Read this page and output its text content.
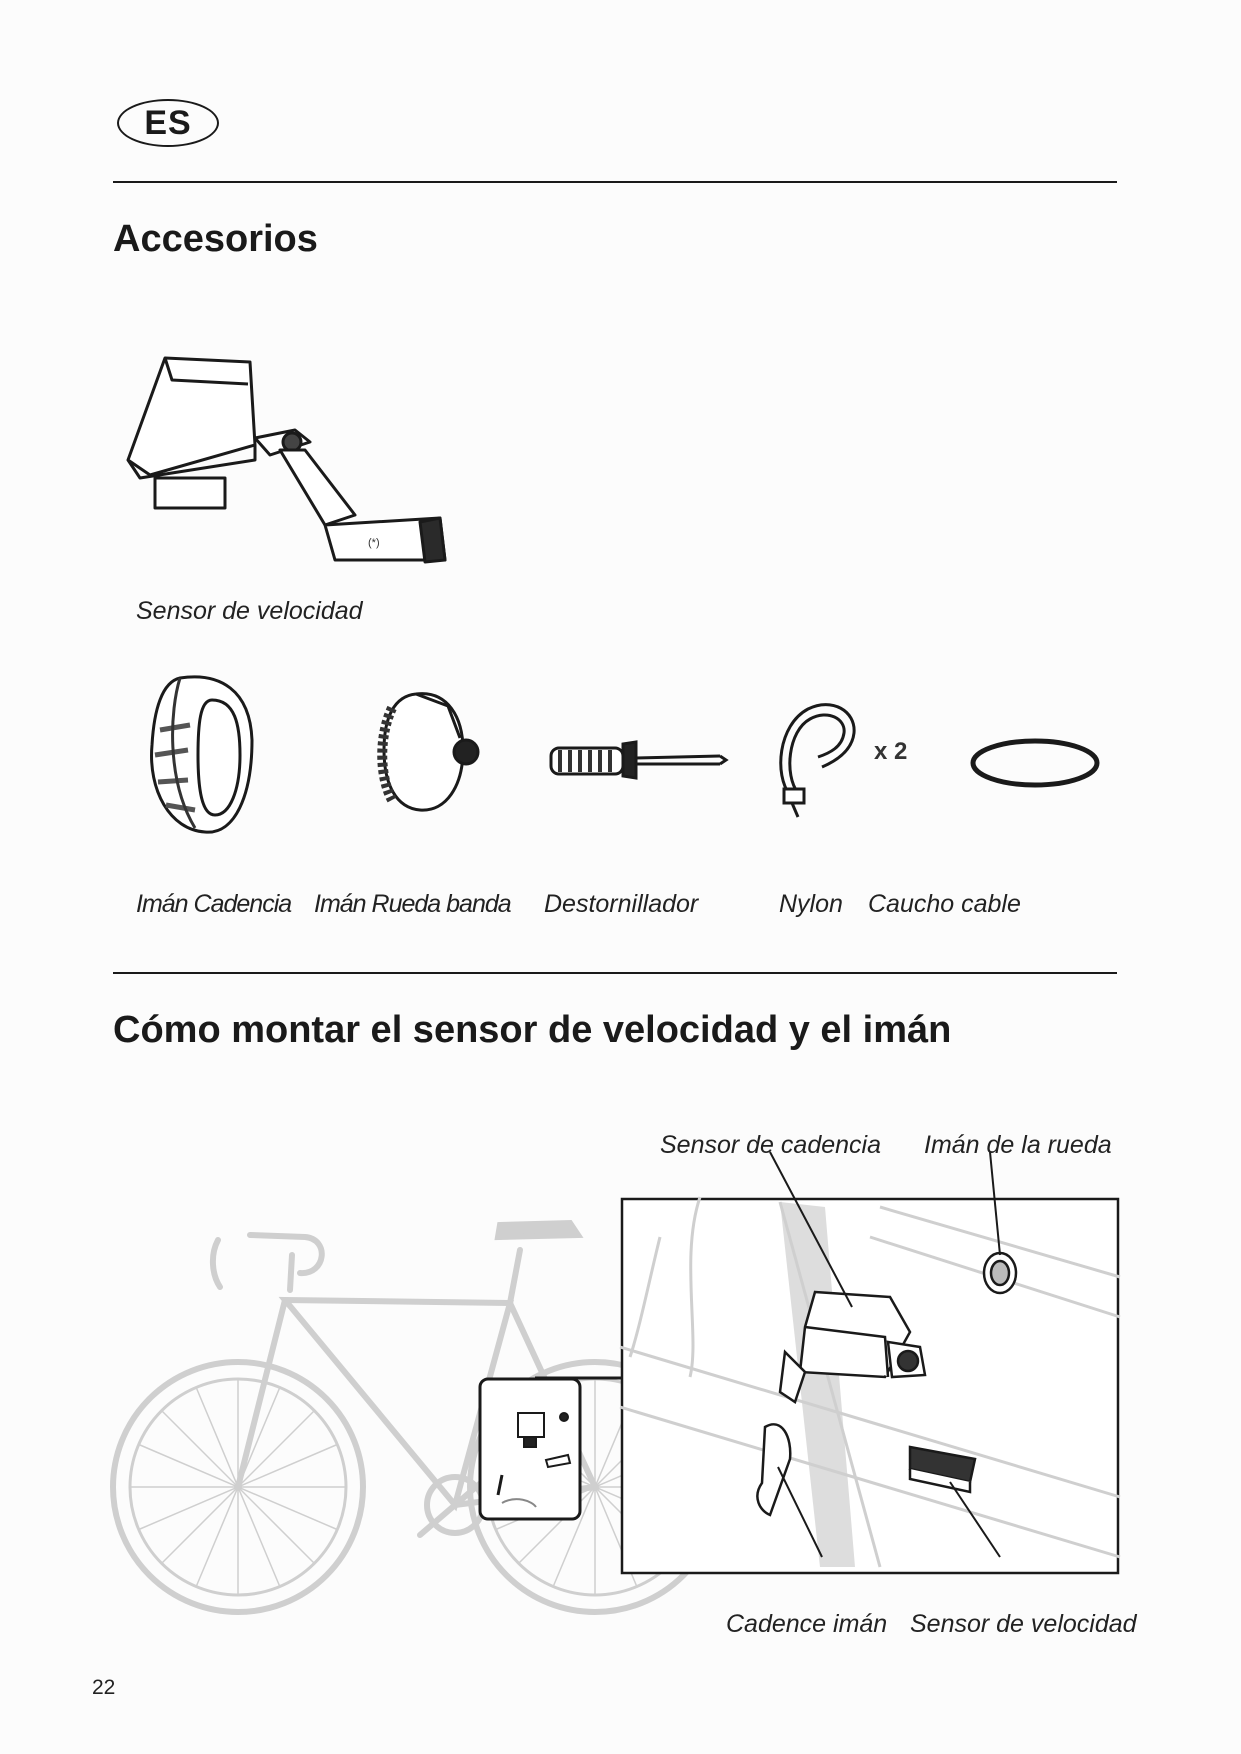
ES
Accesorios
(*)
Sensor de velocidad
x 2
Imán Cadencia Imán Rueda banda Destornillador	Nylon Caucho cable
Cómo montar el sensor de velocidad y el imán
Sensor de cadencia Imán de la rueda
Cadence imán Sensor de velocidad
22
